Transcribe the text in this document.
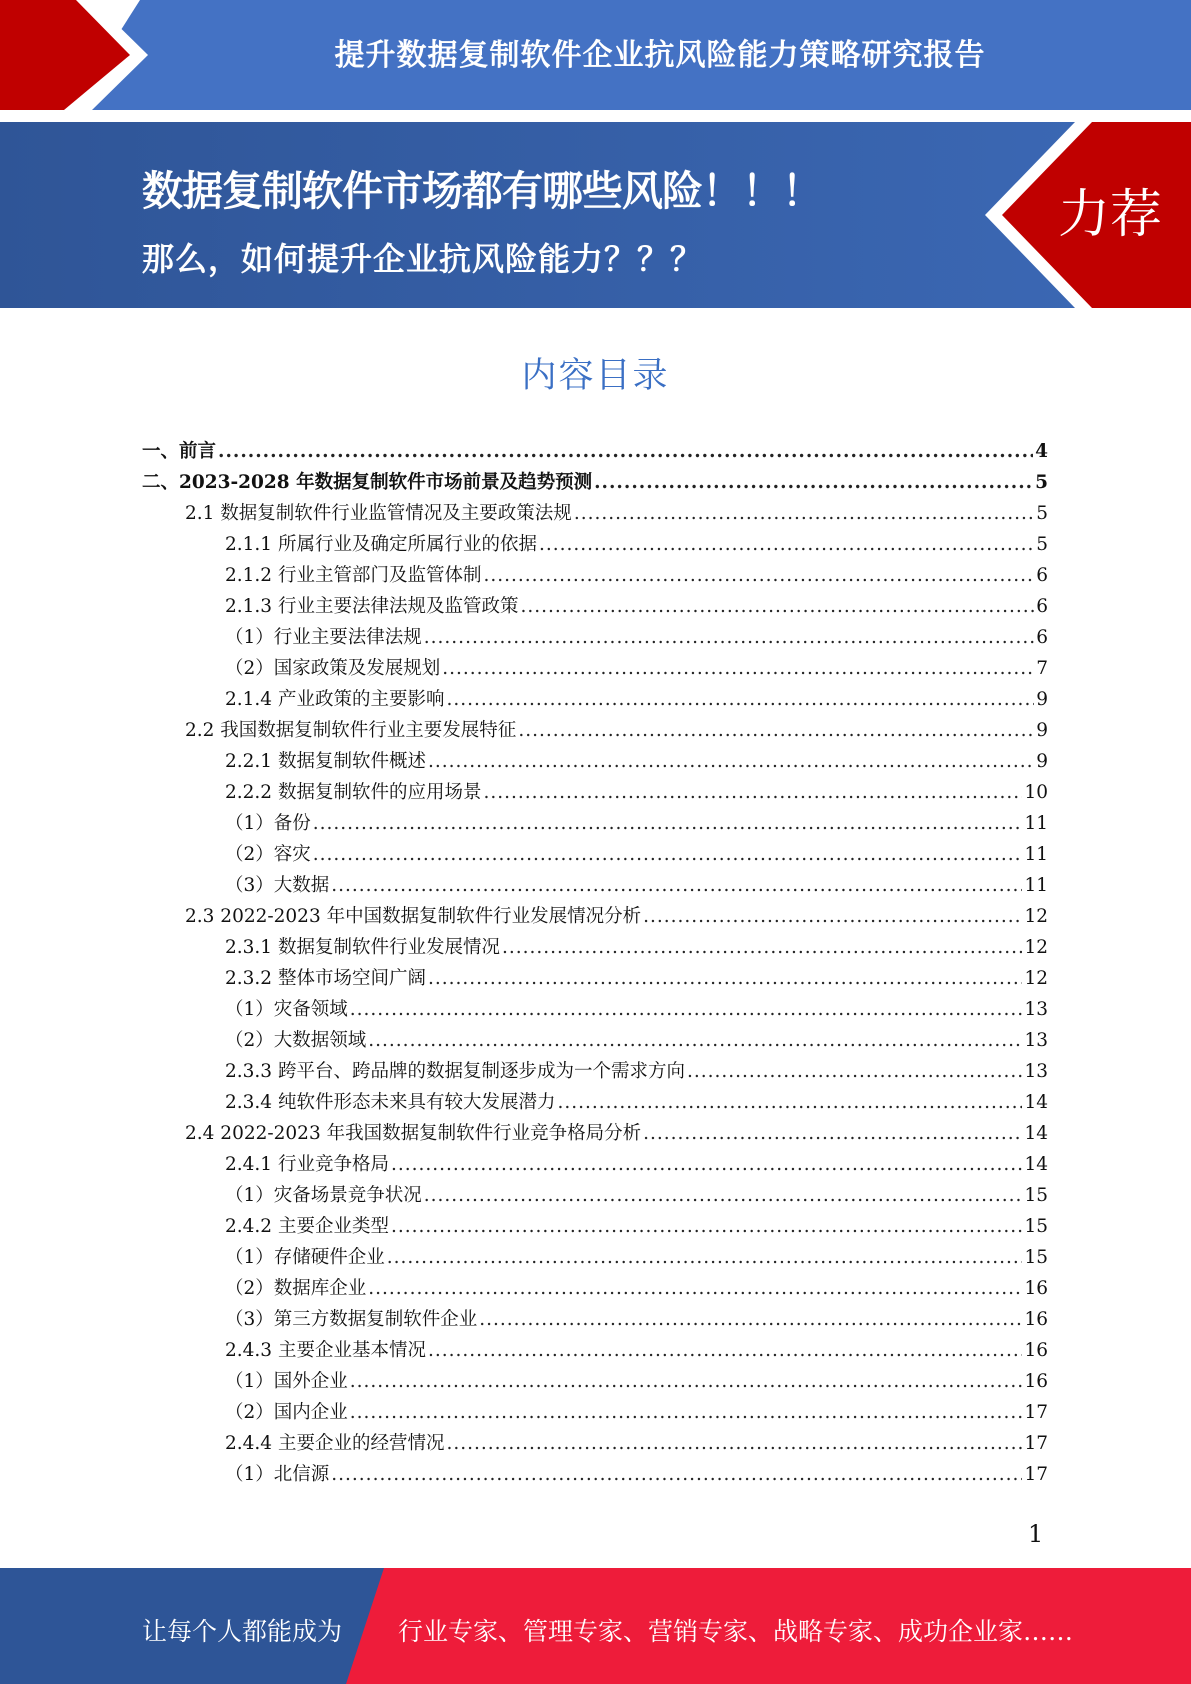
提升数据复制软件企业抗风险能力策略研究报告
数据复制软件市场都有哪些风险！！！
那么，如何提升企业抗风险能力？？？
力荐
内容目录
一、前言 .....	4
二、2023-2028 年数据复制软件市场前景及趋势预测 .....	5
2.1 数据复制软件行业监管情况及主要政策法规 .....	5
2.1.1 所属行业及确定所属行业的依据 .....	5
2.1.2 行业主管部门及监管体制 .....	6
2.1.3 行业主要法律法规及监管政策 .....	6
（1）行业主要法律法规 .....	6
（2）国家政策及发展规划 .....	7
2.1.4 产业政策的主要影响 .....	9
2.2 我国数据复制软件行业主要发展特征 .....	9
2.2.1 数据复制软件概述 .....	9
2.2.2 数据复制软件的应用场景 .....	10
（1）备份 .....	11
（2）容灾 .....	11
（3）大数据 .....	11
2.3 2022-2023 年中国数据复制软件行业发展情况分析 .....	12
2.3.1 数据复制软件行业发展情况 .....	12
2.3.2 整体市场空间广阔 .....	12
（1）灾备领域 .....	13
（2）大数据领域 .....	13
2.3.3 跨平台、跨品牌的数据复制逐步成为一个需求方向 .....	13
2.3.4 纯软件形态未来具有较大发展潜力 .....	14
2.4 2022-2023 年我国数据复制软件行业竞争格局分析 .....	14
2.4.1 行业竞争格局 .....	14
（1）灾备场景竞争状况 .....	15
2.4.2 主要企业类型 .....	15
（1）存储硬件企业 .....	15
（2）数据库企业 .....	16
（3）第三方数据复制软件企业 .....	16
2.4.3 主要企业基本情况 .....	16
（1）国外企业 .....	16
（2）国内企业 .....	17
2.4.4 主要企业的经营情况 .....	17
（1）北信源 .....	17
1
让每个人都能成为 行业专家、管理专家、营销专家、战略专家、成功企业家……
